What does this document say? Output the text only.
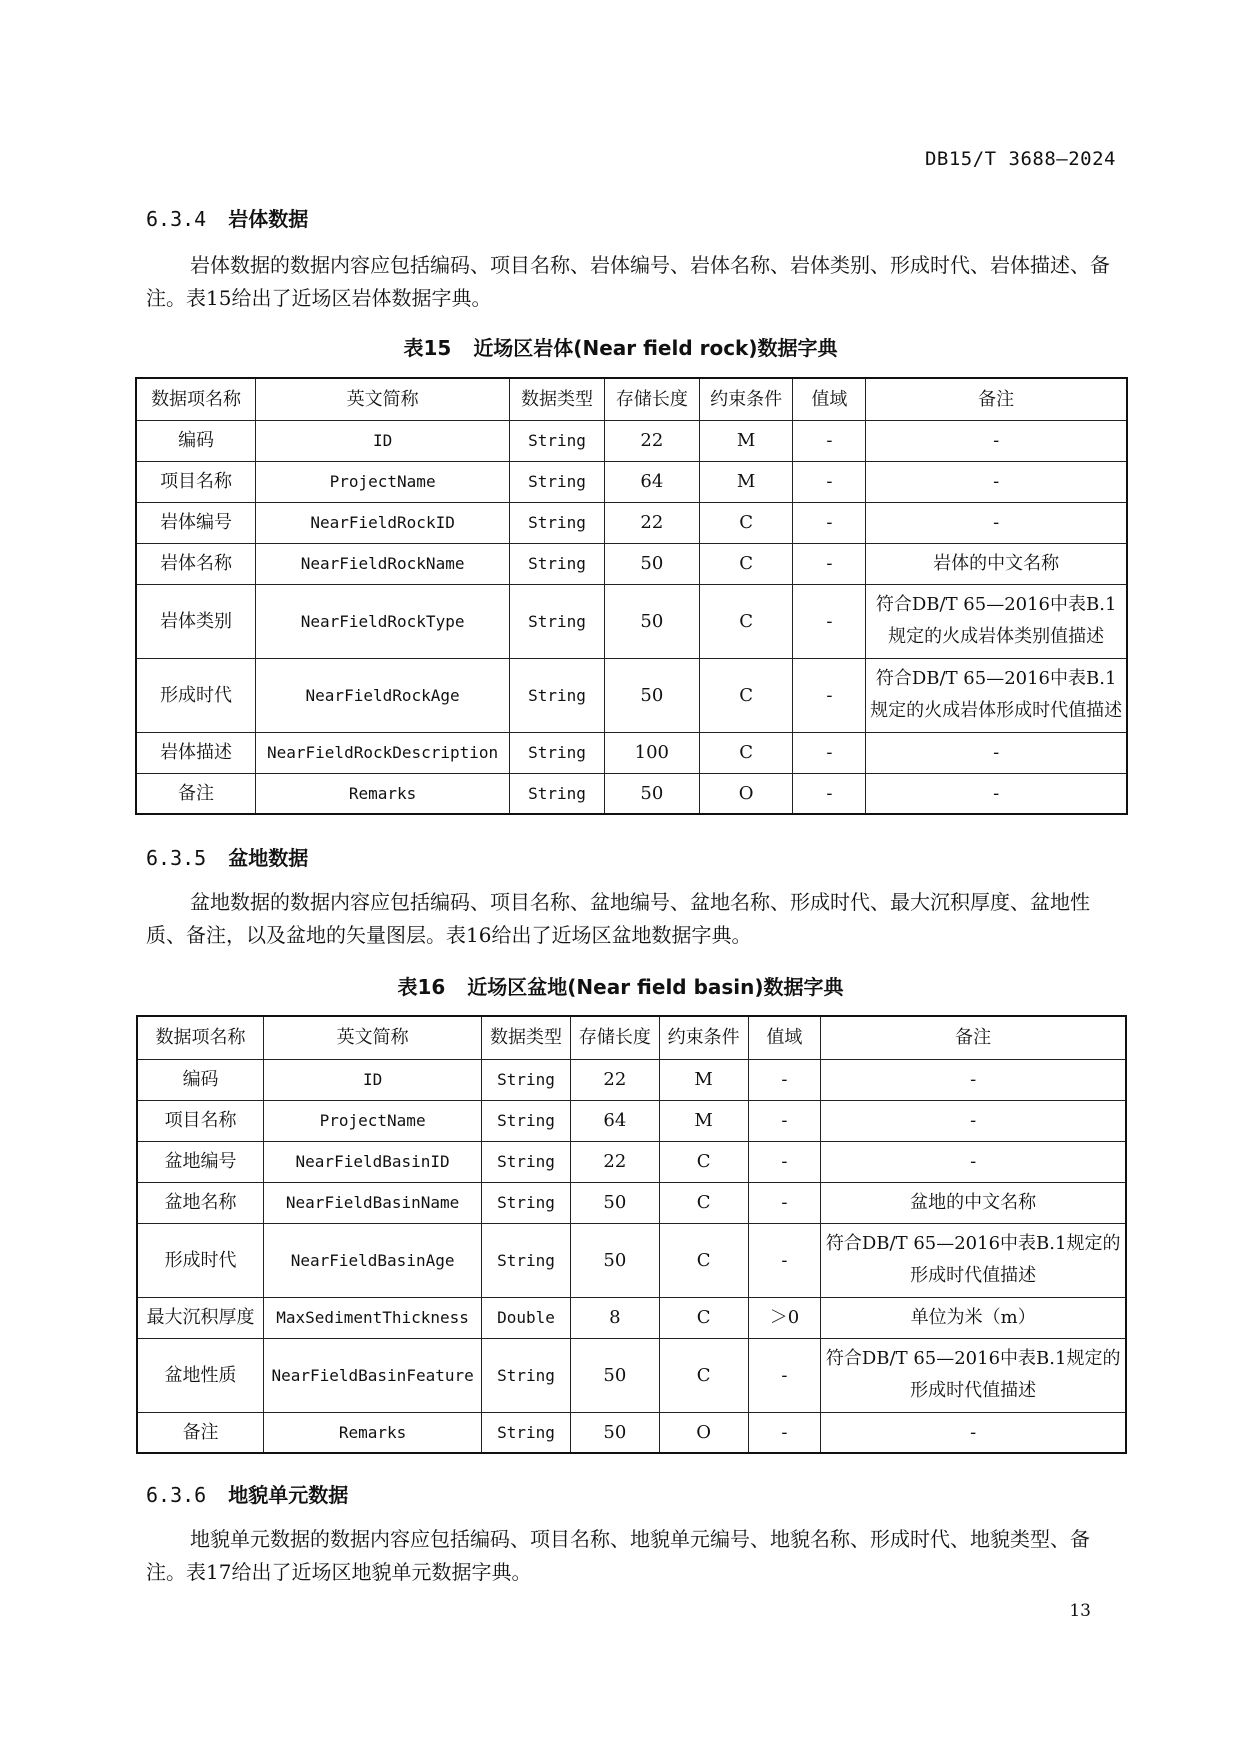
DB15/T 3688—2024
6.3.4 岩体数据
岩体数据的数据内容应包括编码、项目名称、岩体编号、岩体名称、岩体类别、形成时代、岩体描述、备注。表15给出了近场区岩体数据字典。
表15 近场区岩体(Near field rock)数据字典
数据项名称	英文简称	数据类型	存储长度	约束条件	值域	备注
编码	ID	String	22	M	-	-
项目名称	ProjectName	String	64	M	-	-
岩体编号	NearFieldRockID	String	22	C	-	-
岩体名称	NearFieldRockName	String	50	C	-	岩体的中文名称
岩体类别	NearFieldRockType	String	50	C	-	符合DB/T 65—2016中表B.1规定的火成岩体类别值描述
形成时代	NearFieldRockAge	String	50	C	-	符合DB/T 65—2016中表B.1规定的火成岩体形成时代值描述
岩体描述	NearFieldRockDescription	String	100	C	-	-
备注	Remarks	String	50	O	-	-
6.3.5 盆地数据
盆地数据的数据内容应包括编码、项目名称、盆地编号、盆地名称、形成时代、最大沉积厚度、盆地性质、备注，以及盆地的矢量图层。表16给出了近场区盆地数据字典。
表16 近场区盆地(Near field basin)数据字典
数据项名称	英文简称	数据类型	存储长度	约束条件	值域	备注
编码	ID	String	22	M	-	-
项目名称	ProjectName	String	64	M	-	-
盆地编号	NearFieldBasinID	String	22	C	-	-
盆地名称	NearFieldBasinName	String	50	C	-	盆地的中文名称
形成时代	NearFieldBasinAge	String	50	C	-	符合DB/T 65—2016中表B.1规定的形成时代值描述
最大沉积厚度	MaxSedimentThickness	Double	8	C	＞0	单位为米（m）
盆地性质	NearFieldBasinFeature	String	50	C	-	符合DB/T 65—2016中表B.1规定的形成时代值描述
备注	Remarks	String	50	O	-	-
6.3.6 地貌单元数据
地貌单元数据的数据内容应包括编码、项目名称、地貌单元编号、地貌名称、形成时代、地貌类型、备注。表17给出了近场区地貌单元数据字典。
13
